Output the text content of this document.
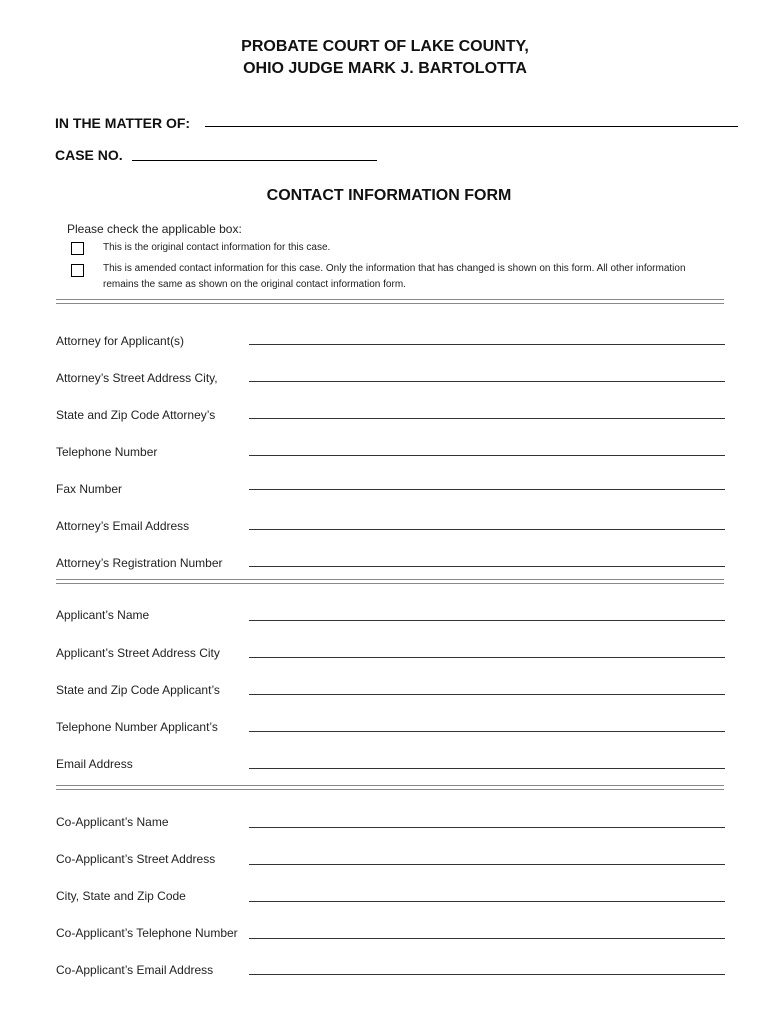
PROBATE COURT OF LAKE COUNTY,
OHIO JUDGE MARK J. BARTOLOTTA
IN THE MATTER OF:
CASE NO.
CONTACT INFORMATION FORM
Please check the applicable box:
This is the original contact information for this case.
This is amended contact information for this case. Only the information that has changed is shown on this form. All other information remains the same as shown on the original contact information form.
Attorney for Applicant(s)
Attorney’s Street Address City,
State and Zip Code Attorney’s
Telephone Number
Fax Number
Attorney’s Email Address
Attorney’s Registration Number
Applicant’s Name
Applicant’s Street Address City
State and Zip Code Applicant’s
Telephone Number Applicant’s
Email Address
Co-Applicant’s Name
Co-Applicant’s Street Address
City, State and Zip Code
Co-Applicant’s Telephone Number
Co-Applicant’s Email Address
